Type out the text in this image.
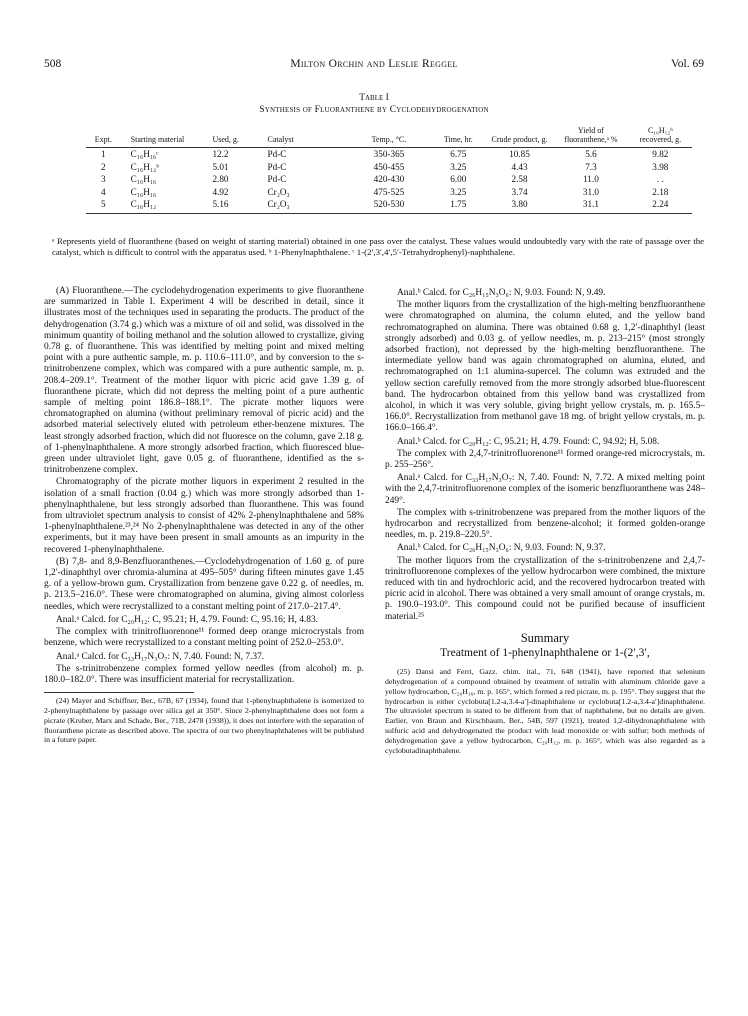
508	Milton Orchin and Leslie Reggel	Vol. 69
Table I
Synthesis of Fluoranthene by Cyclodehydrogenation
Expt.	Starting material	Used, g.	Catalyst	Temp., °C.	Time, hr.	Crude product, g.	Yield of fluoranthene,ᵃ %	C₁₆H₁₂ᵇ recovered, g.
1	C₁₆H₁₆ᶜ	12.2	Pd-C	350-365	6.75	10.85	5.6	9.82
2	C₁₆H₁₂ᵇ	5.01	Pd-C	450-455	3.25	4.43	7.3	3.98
3	C₁₆H₁₆	2.80	Pd-C	420-430	6.00	2.58	11.0	. .
4	C₁₆H₁₆	4.92	Cr₂O₃	475-525	3.25	3.74	31.0	2.18
5	C₁₆H₁₂	5.16	Cr₂O₃	520-530	1.75	3.80	31.1	2.24
ᵃ Represents yield of fluoranthene (based on weight of starting material) obtained in one pass over the catalyst. These values would undoubtedly vary with the rate of passage over the catalyst, which is difficult to control with the apparatus used. ᵇ 1-Phenylnaphthalene. ᶜ 1-(2′,3′,4′,5′-Tetrahydrophenyl)-naphthalene.

(A) Fluoranthene.—The cyclodehydrogenation experiments to give fluoranthene are summarized in Table I. Experiment 4 will be described in detail, since it illustrates most of the techniques used in separating the products. The product of the dehydrogenation (3.74 g.) which was a mixture of oil and solid, was dissolved in the minimum quantity of boiling methanol and the solution allowed to crystallize, giving 0.78 g. of fluoranthene. This was identified by melting point and mixed melting point with a pure authentic sample, m. p. 110.6–111.0°, and by conversion to the s-trinitrobenzene complex, which was compared with a pure authentic sample, m. p. 208.4–209.1°. Treatment of the mother liquor with picric acid gave 1.39 g. of fluoranthene picrate, which did not depress the melting point of a pure authentic sample of melting point 186.8–188.1°. The picrate mother liquors were chromatographed on alumina (without preliminary removal of picric acid) and the adsorbed material selectively eluted with petroleum ether-benzene mixtures. The least strongly adsorbed fraction, which did not fluoresce on the column, gave 2.18 g. of 1-phenylnaphthalene. A more strongly adsorbed fraction, which fluoresced blue-green under ultraviolet light, gave 0.05 g. of fluoranthene, identified as the s-trinitrobenzene complex.

Chromatography of the picrate mother liquors in experiment 2 resulted in the isolation of a small fraction (0.04 g.) which was more strongly adsorbed than 1-phenylnaphthalene, but less strongly adsorbed than fluoranthene. This was found from ultraviolet spectrum analysis to consist of 42% 2-phenylnaphthalene and 58% 1-phenylnaphthalene.²³,²⁴ No 2-phenylnaphthalene was detected in any of the other experiments, but it may have been present in small amounts as an impurity in the recovered 1-phenylnaphthalene.

(B) 7,8- and 8,9-Benzfluoranthenes.—Cyclodehydrogenation of 1.60 g. of pure 1,2′-dinaphthyl over chromia-alumina at 495–505° during fifteen minutes gave 1.45 g. of a yellow-brown gum. Crystallization from benzene gave 0.22 g. of needles, m. p. 213.5–216.0°. These were chromatographed on alumina, giving almost colorless needles, which were recrystallized to a constant melting point of 217.0–217.4°.

Anal.ᵃ Calcd. for C₂₀H₁₂: C, 95.21; H, 4.79. Found: C, 95.16; H, 4.83.

The complex with trinitrofluorenone¹¹ formed deep orange microcrystals from benzene, which were recrystallized to a constant melting point of 252.0–253.0°.

Anal.ᵃ Calcd. for C₃₃H₁₇N₃O₇: N, 7.40. Found: N, 7.37.

The s-trinitrobenzene complex formed yellow needles (from alcohol) m. p. 180.0–182.0°. There was insufficient material for recrystallization.

(24) Mayer and Schiffner, Ber., 67B, 67 (1934), found that 1-phenylnaphthalene is isomerized to 2-phenylnaphthalene by passage over silica gel at 350°. Since 2-phenylnaphthalene does not form a picrate (Kruber, Marx and Schade, Ber., 71B, 2478 (1938)), it does not interfere with the separation of fluoranthene picrate as described above. The spectra of our two phenylnaphthalenes will be published in a future paper.

Anal.ᵇ Calcd. for C₂₆H₁₅N₃O₆: N, 9.03. Found: N, 9.49.

The mother liquors from the crystallization of the high-melting benzfluoranthene were chromatographed on alumina, the column eluted, and the yellow band rechromatographed on alumina. There was obtained 0.68 g. 1,2′-dinaphthyl (least strongly adsorbed) and 0.03 g. of yellow needles, m. p. 213–215° (most strongly adsorbed fraction), not depressed by the high-melting benzfluoranthene. The intermediate yellow band was again chromatographed on alumina, eluted, and rechromatographed on 1:1 alumina-supercel. The column was extruded and the yellow section carefully removed from the more strongly adsorbed blue-fluorescent band. The hydrocarbon obtained from this yellow band was crystallized from alcohol, in which it was very soluble, giving bright yellow crystals, m. p. 165.5–166.0°. Recrystallization from methanol gave 18 mg. of bright yellow crystals, m. p. 166.0–166.4°.

Anal.ᵇ Calcd. for C₂₀H₁₂: C, 95.21; H, 4.79. Found: C, 94.92; H, 5.08.

The complex with 2,4,7-trinitrofluorenone¹¹ formed orange-red microcrystals, m. p. 255–256°.

Anal.ᵃ Calcd. for C₃₃H₁₇N₃O₇: N, 7.40. Found: N, 7.72. A mixed melting point with the 2,4,7-trinitrofluorenone complex of the isomeric benzfluoranthene was 248–249°.

The complex with s-trinitrobenzene was prepared from the mother liquors of the hydrocarbon and recrystallized from benzene-alcohol; it formed golden-orange needles, m. p. 219.8–220.5°.

Anal.ᵇ Calcd. for C₂₆H₁₅N₃O₆: N, 9.03. Found: N, 9.37.

The mother liquors from the crystallization of the s-trinitrobenzene and 2,4,7-trinitrofluorenone complexes of the yellow hydrocarbon were combined, the mixture reduced with tin and hydrochloric acid, and the recovered hydrocarbon treated with picric acid in alcohol. There was obtained a very small amount of orange crystals, m. p. 190.0–193.0°. This compound could not be purified because of insufficient material.²⁵

Summary
Treatment of 1-phenylnaphthalene or 1-(2′,3′,

(25) Dansi and Ferri, Gazz. chim. ital., 71, 648 (1941), have reported that selenium dehydrogenation of a compound obtained by treatment of tetralin with aluminum chloride gave a yellow hydrocarbon, C₂₀H₁₆, m. p. 165°, which formed a red picrate, m. p. 195°. They suggest that the hydrocarbon is either cyclobuta[1.2-a,3.4-a′]-dinaphthalene or cyclobuta[1.2-a,3.4-a′]dinaphthalene. The ultraviolet spectrum is stated to be different from that of naphthalene, but no details are given. Earlier, von Braun and Kirschbaum, Ber., 54B, 597 (1921), treated 1,2-dihydronaphthalene with sulfuric acid and dehydrogenated the product with lead monoxide or with sulfur; both methods of dehydrogenation gave a yellow hydrocarbon, C₂₀H₁₂, m. p. 165°, which was also regarded as a cyclobutadinaphthalene.
